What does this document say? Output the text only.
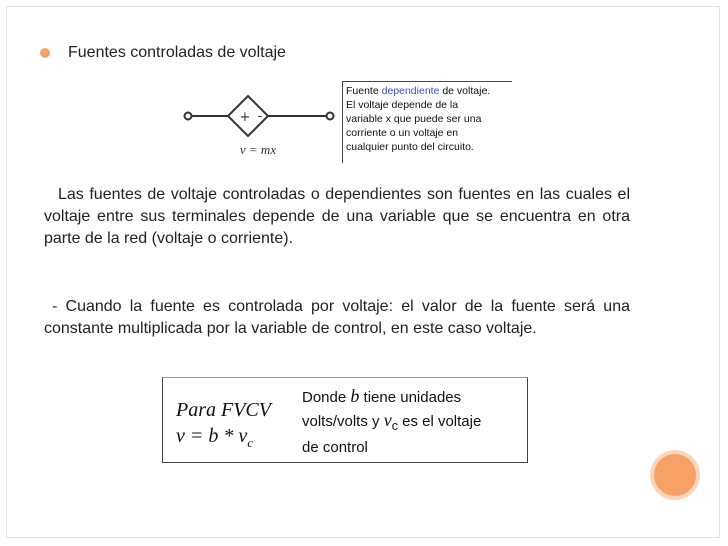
Fuentes controladas de voltaje
+ -
v = mx
Fuente dependiente de voltaje.
El voltaje depende de la
variable x que puede ser una
corriente o un voltaje en
cualquier punto del circuito.
Las fuentes de voltaje controladas o dependientes son fuentes en las cuales el voltaje entre sus terminales depende de una variable que se encuentra en otra parte de la red (voltaje o corriente).
- Cuando la fuente es controlada por voltaje: el valor de la fuente será una constante multiplicada por la variable de control, en este caso voltaje.
Para FVCV
$v = b * v_c$
Donde b tiene unidades
volts/volts y $v_c$ es el voltaje
de control
